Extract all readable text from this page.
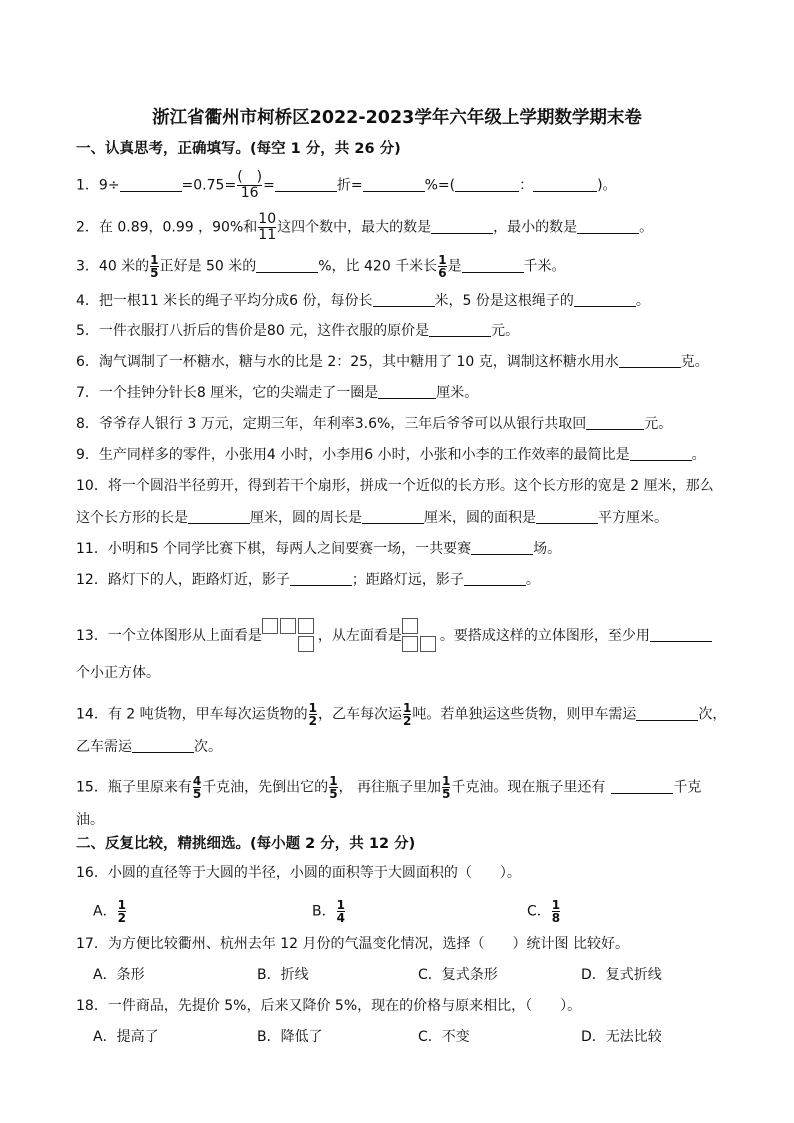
浙江省衢州市柯桥区2022-2023学年六年级上学期数学期末卷
一、认真思考，正确填写。(每空 1 分，共 26 分)
1．9÷	=0.75=
(　)
16 =	折=	%=(	：	)。
2．在 0.89，0.99 ，90%和 $\frac{10}{11}$ 这四个数中，最大的数是	，最小的数是	。
3．40 米的 $\frac{1}{5}$ 正好是 50 米的	%，比 420 千米长 $\frac{1}{6}$ 是	千米。
4．把一根11 米长的绳子平均分成6 份，每份长	米，5 份是这根绳子的	。
5．一件衣服打八折后的售价是80 元，这件衣服的原价是	元。
6．淘气调制了一杯糖水，糖与水的比是 2：25，其中糖用了 10 克，调制这杯糖水用水	克。
7．一个挂钟分针长8 厘米，它的尖端走了一圈是	厘米。
8．爷爷存人银行 3 万元，定期三年，年利率3.6%，三年后爷爷可以从银行共取回	元。
9．生产同样多的零件，小张用4 小时，小李用6 小时，小张和小李的工作效率的最简比是	。
10．将一个圆沿半径剪开，得到若干个扇形，拼成一个近似的长方形。这个长方形的宽是 2 厘米，那么
这个长方形的长是	厘米，圆的周长是	厘米，圆的面积是	平方厘米。
11．小明和5 个同学比赛下棋，每两人之间要赛一场，一共要赛	场。
12．路灯下的人，距路灯近，影子	；距路灯远，影子	。
13．一个立体图形从上面看是	，从左面看是	。要搭成这样的立体图形，至少用
个小正方体。
14．有 2 吨货物，甲车每次运货物的 $\frac{1}{2}$ ，乙车每次运 $\frac{1}{2}$ 吨。若单独运这些货物，则甲车需运	次，
乙车需运	次。
15．瓶子里原来有 $\frac{4}{5}$ 千克油，先倒出它的 $\frac{1}{5}$ ， 再往瓶子里加 $\frac{1}{5}$ 千克油。现在瓶子里还有	千克
油。
二、反复比较，精挑细选。(每小题 2 分，共 12 分)
16．小圆的直径等于大圆的半径，小圆的面积等于大圆面积的（　　）。
A． $\frac{1}{2}$	B． $\frac{1}{4}$	C． $\frac{1}{8}$
17．为方便比较衢州、杭州去年 12 月份的气温变化情况，选择（　　）统计图 比较好。
A．条形	B．折线	C．复式条形	D．复式折线
18．一件商品，先提价 5%，后来又降价 5%，现在的价格与原来相比，（　　）。
A．提高了	B．降低了	C．不变	D．无法比较
